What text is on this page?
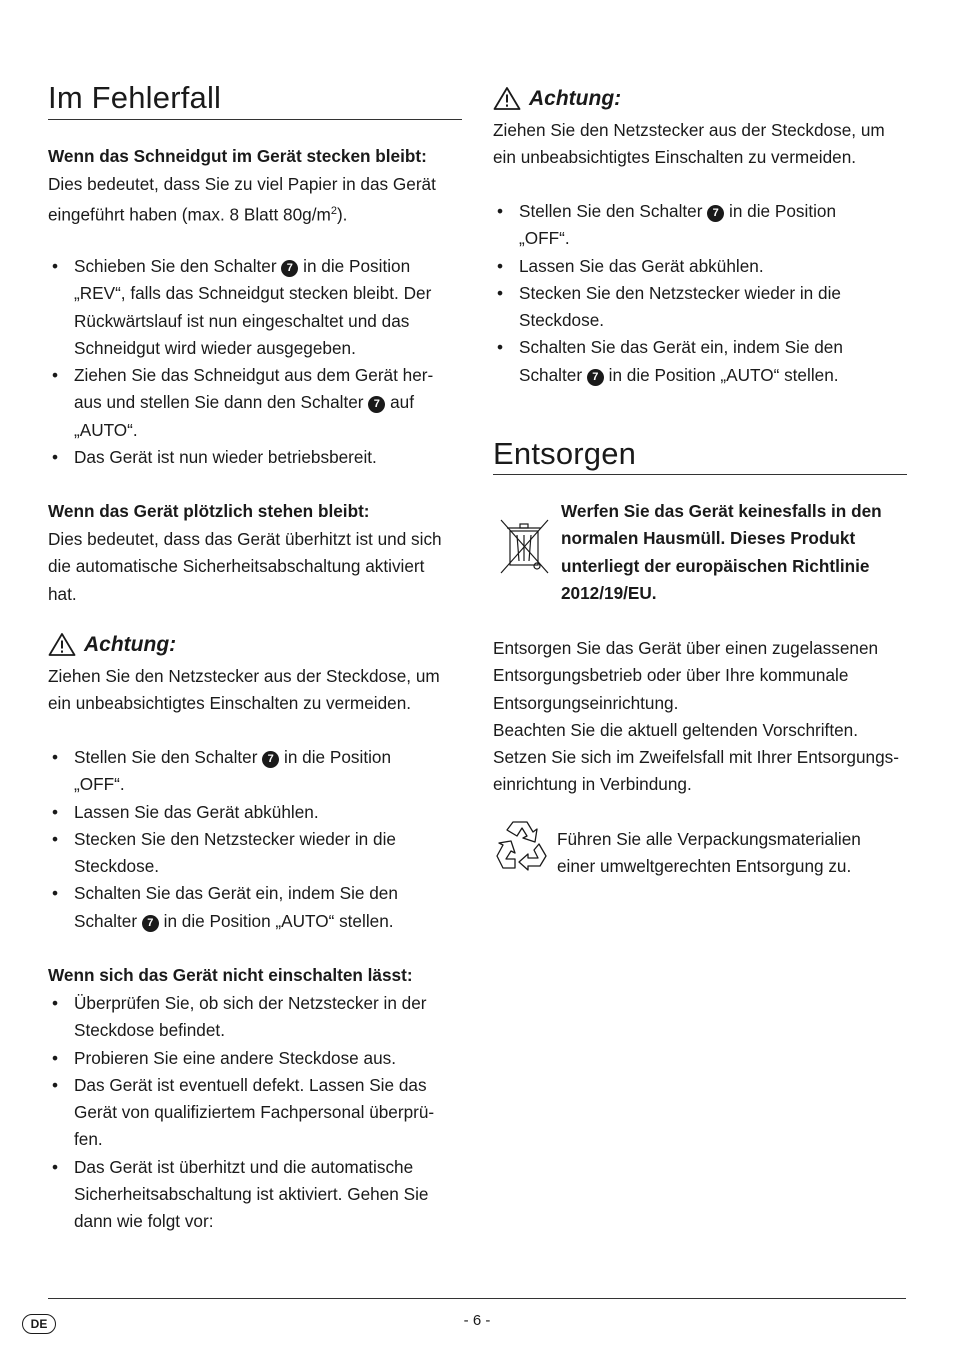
Im Fehlerfall
Wenn das Schneidgut im Gerät stecken bleibt:
Dies bedeutet, dass Sie zu viel Papier in das Gerät
eingeführt haben (max. 8 Blatt $80g/m^2$).
• Schieben Sie den Schalter 7 in die Position
„REV“, falls das Schneidgut stecken bleibt. Der
Rückwärtslauf ist nun eingeschaltet und das
Schneidgut wird wieder ausgegeben.
• Ziehen Sie das Schneidgut aus dem Gerät her-
aus und stellen Sie dann den Schalter 7 auf
„AUTO“.
• Das Gerät ist nun wieder betriebsbereit.
Wenn das Gerät plötzlich stehen bleibt:
Dies bedeutet, dass das Gerät überhitzt ist und sich
die automatische Sicherheitsabschaltung aktiviert
hat.
Achtung:
Ziehen Sie den Netzstecker aus der Steckdose, um
ein unbeabsichtigtes Einschalten zu vermeiden.
• Stellen Sie den Schalter 7 in die Position
„OFF“.
• Lassen Sie das Gerät abkühlen.
• Stecken Sie den Netzstecker wieder in die
Steckdose.
• Schalten Sie das Gerät ein, indem Sie den
Schalter 7 in die Position „AUTO“ stellen.
Wenn sich das Gerät nicht einschalten lässt:
• Überprüfen Sie, ob sich der Netzstecker in der
Steckdose befindet.
• Probieren Sie eine andere Steckdose aus.
• Das Gerät ist eventuell defekt. Lassen Sie das
Gerät von qualifiziertem Fachpersonal überprü-
fen.
• Das Gerät ist überhitzt und die automatische
Sicherheitsabschaltung ist aktiviert. Gehen Sie
dann wie folgt vor:
Achtung:
Ziehen Sie den Netzstecker aus der Steckdose, um
ein unbeabsichtigtes Einschalten zu vermeiden.
• Stellen Sie den Schalter 7 in die Position
„OFF“.
• Lassen Sie das Gerät abkühlen.
• Stecken Sie den Netzstecker wieder in die
Steckdose.
• Schalten Sie das Gerät ein, indem Sie den
Schalter 7 in die Position „AUTO“ stellen.
Entsorgen
Werfen Sie das Gerät keinesfalls in den
normalen Hausmüll. Dieses Produkt
unterliegt der europäischen Richtlinie
2012/19/EU.
Entsorgen Sie das Gerät über einen zugelassenen
Entsorgungsbetrieb oder über Ihre kommunale
Entsorgungseinrichtung.
Beachten Sie die aktuell geltenden Vorschriften.
Setzen Sie sich im Zweifelsfall mit Ihrer Entsorgungs-
einrichtung in Verbindung.
Führen Sie alle Verpackungsmaterialien
einer umweltgerechten Entsorgung zu.
DE	- 6 -
